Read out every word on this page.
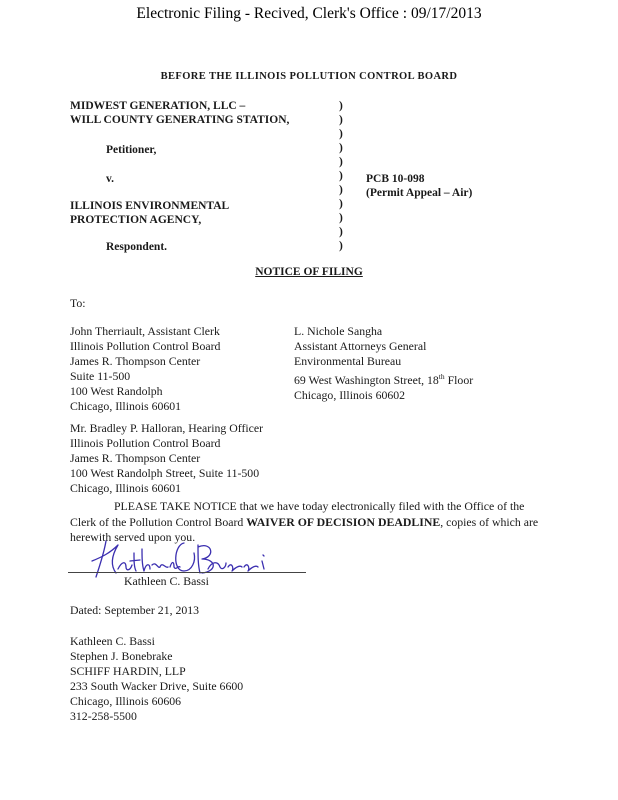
Electronic Filing - Recived, Clerk's Office : 09/17/2013
BEFORE THE ILLINOIS POLLUTION CONTROL BOARD
MIDWEST GENERATION, LLC –
WILL COUNTY GENERATING STATION,
Petitioner,
v.
ILLINOIS ENVIRONMENTAL
PROTECTION AGENCY,
Respondent.
)
)
)
)
)
)
)
)
)
)
)
PCB 10-098
(Permit Appeal – Air)
NOTICE OF FILING
To:
John Therriault, Assistant Clerk
Illinois Pollution Control Board
James R. Thompson Center
Suite 11-500
100 West Randolph
Chicago, Illinois 60601
L. Nichole Sangha
Assistant Attorneys General
Environmental Bureau
69 West Washington Street, 18th Floor
Chicago, Illinois 60602
Mr. Bradley P. Halloran, Hearing Officer
Illinois Pollution Control Board
James R. Thompson Center
100 West Randolph Street, Suite 11-500
Chicago, Illinois 60601
PLEASE TAKE NOTICE that we have today electronically filed with the Office of the Clerk of the Pollution Control Board WAIVER OF DECISION DEADLINE, copies of which are herewith served upon you.
Kathleen C. Bassi
Dated: September 21, 2013
Kathleen C. Bassi
Stephen J. Bonebrake
SCHIFF HARDIN, LLP
233 South Wacker Drive, Suite 6600
Chicago, Illinois 60606
312-258-5500
